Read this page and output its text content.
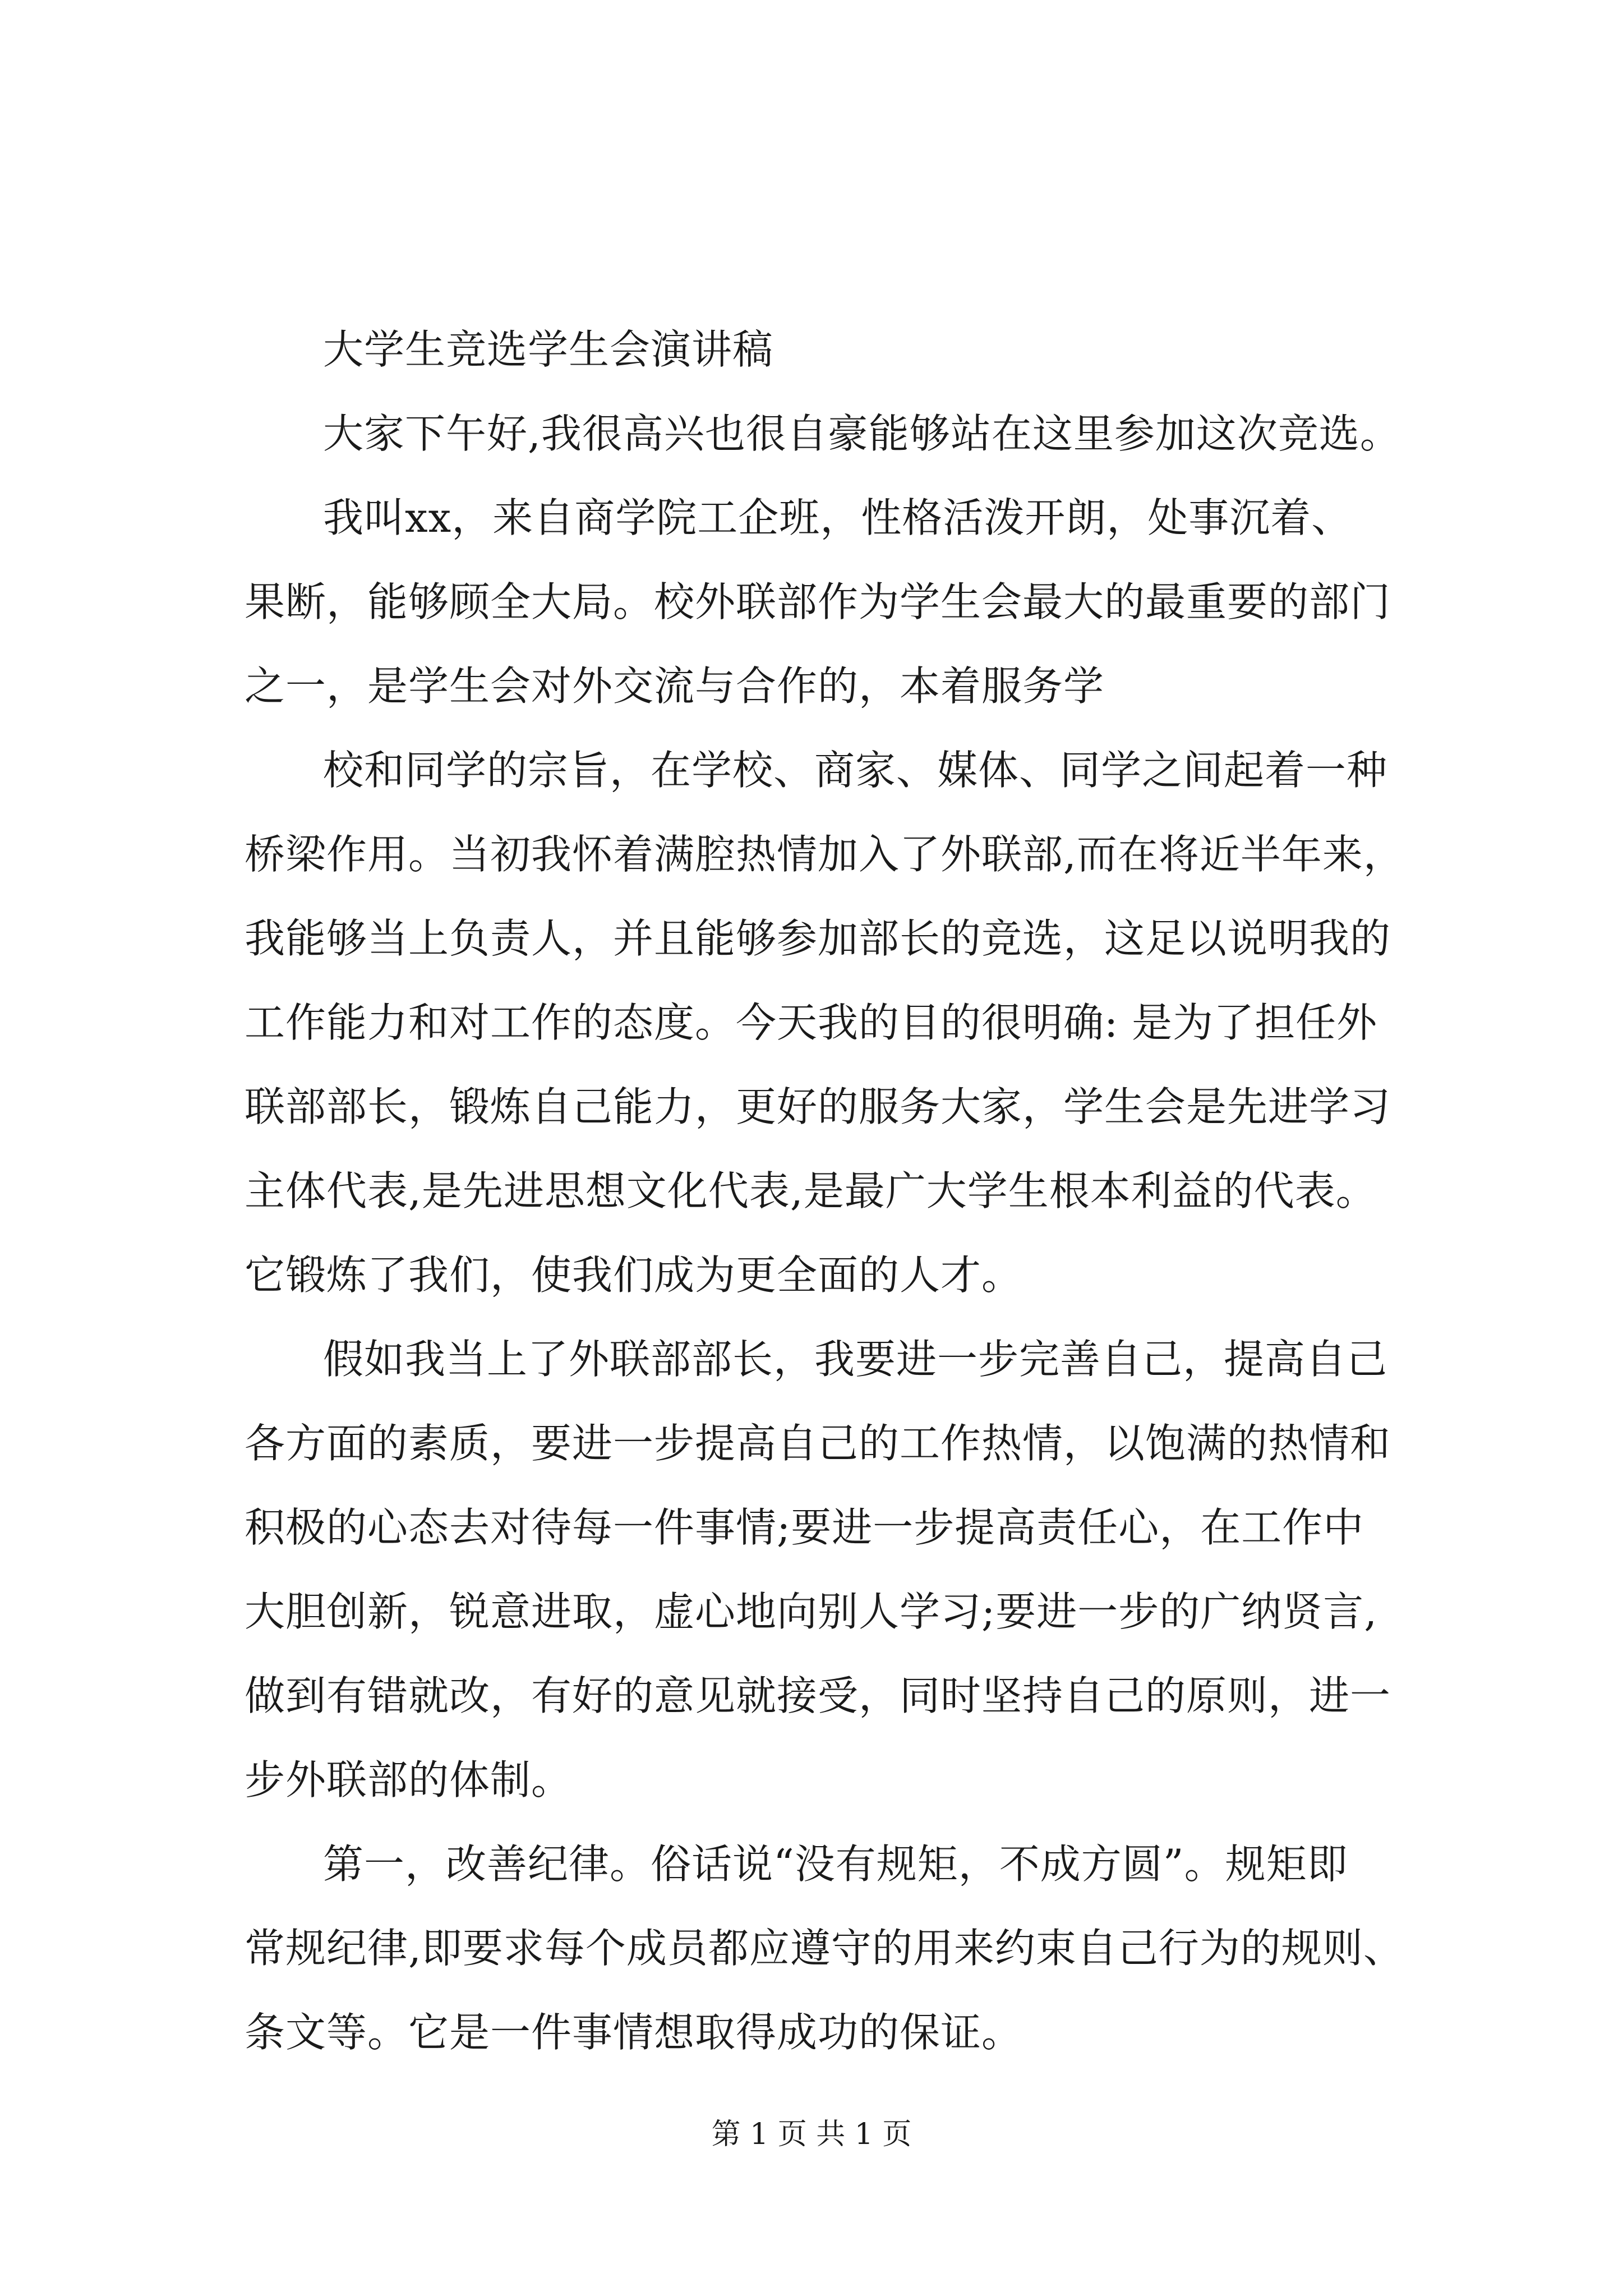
大学生竞选学生会演讲稿
大家下午好,我很高兴也很自豪能够站在这里参加这次竞选。
我叫xx，来自商学院工企班，性格活泼开朗，处事沉着、
果断，能够顾全大局。校外联部作为学生会最大的最重要的部门
之一，是学生会对外交流与合作的，本着服务学
校和同学的宗旨，在学校、商家、媒体、同学之间起着一种
桥梁作用。当初我怀着满腔热情加入了外联部,而在将近半年来，
我能够当上负责人，并且能够参加部长的竞选，这足以说明我的
工作能力和对工作的态度。今天我的目的很明确: 是为了担任外
联部部长，锻炼自己能力，更好的服务大家，学生会是先进学习
主体代表,是先进思想文化代表,是最广大学生根本利益的代表。
它锻炼了我们，使我们成为更全面的人才。
假如我当上了外联部部长，我要进一步完善自己，提高自己
各方面的素质，要进一步提高自己的工作热情，以饱满的热情和
积极的心态去对待每一件事情;要进一步提高责任心，在工作中
大胆创新，锐意进取，虚心地向别人学习;要进一步的广纳贤言,
做到有错就改，有好的意见就接受，同时坚持自己的原则，进一
步外联部的体制。
第一，改善纪律。俗话说“没有规矩，不成方圆”。规矩即
常规纪律,即要求每个成员都应遵守的用来约束自己行为的规则、
条文等。它是一件事情想取得成功的保证。
第 1 页 共 1 页
